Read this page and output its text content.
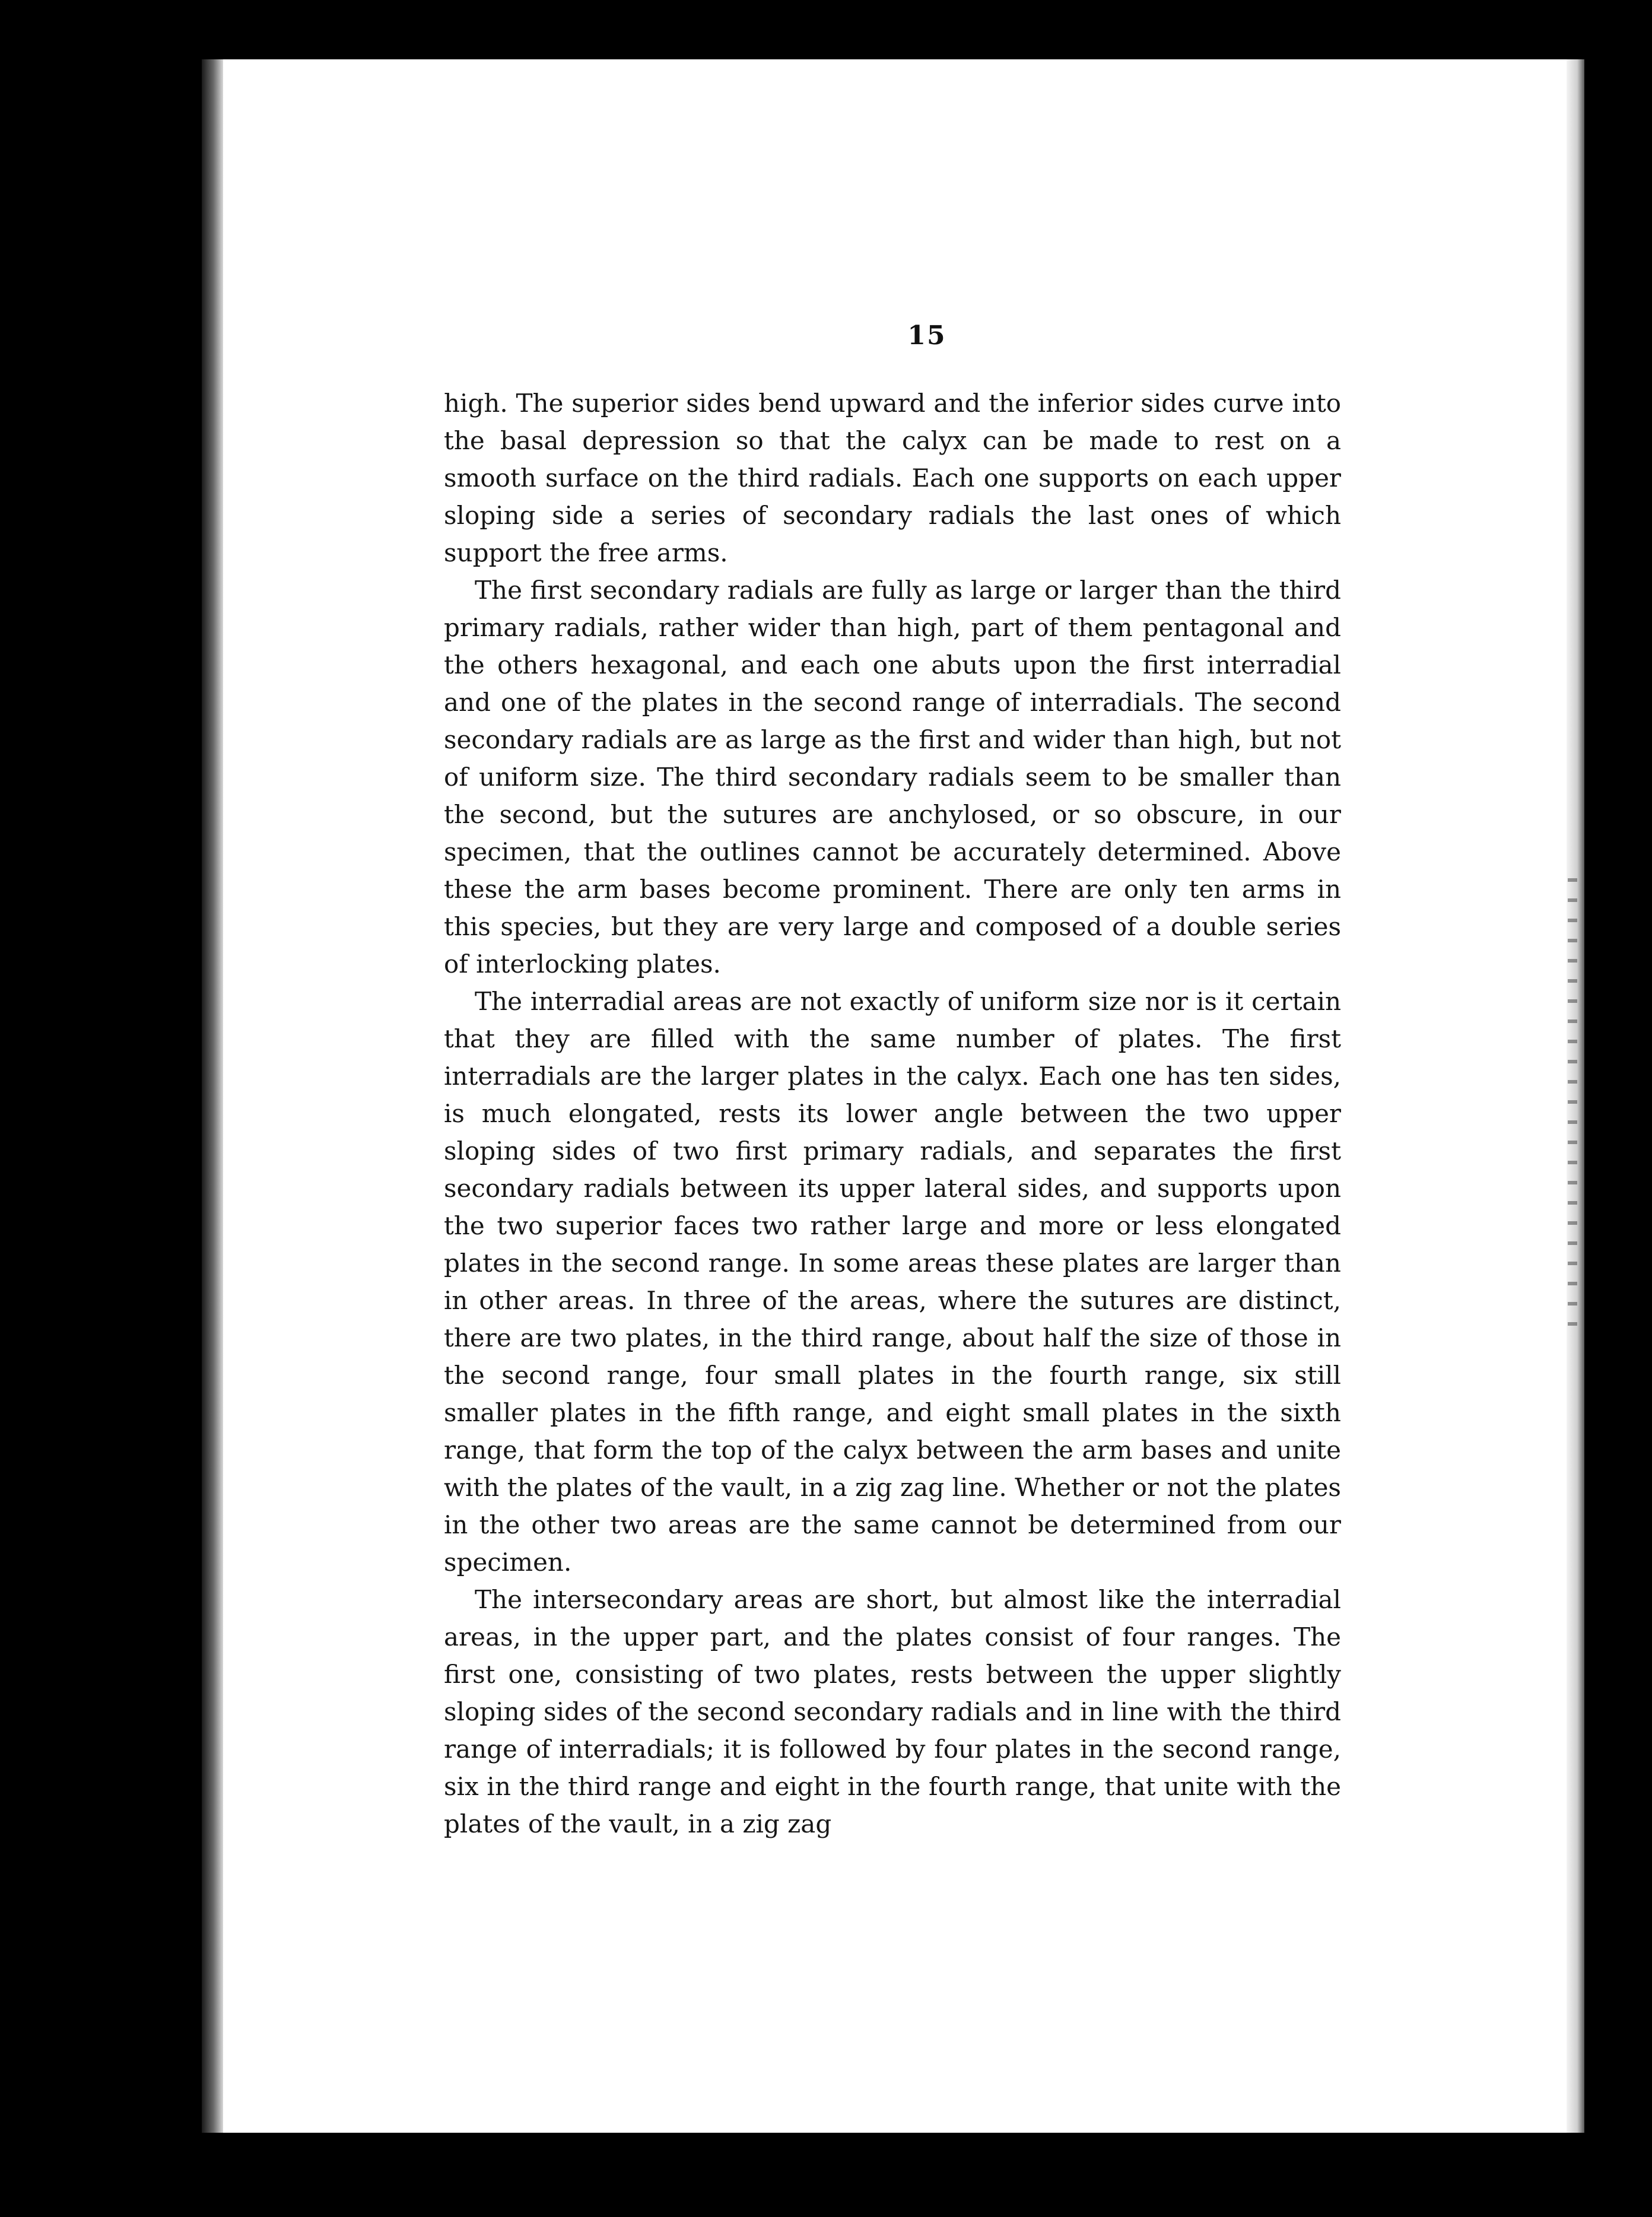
15

high. The superior sides bend upward and the inferior sides curve into the basal depression so that the calyx can be made to rest on a smooth surface on the third radials. Each one supports on each upper sloping side a series of secondary radials the last ones of which support the free arms.

The first secondary radials are fully as large or larger than the third primary radials, rather wider than high, part of them pentagonal and the others hexagonal, and each one abuts upon the first interradial and one of the plates in the second range of interradials. The second secondary radials are as large as the first and wider than high, but not of uniform size. The third secondary radials seem to be smaller than the second, but the sutures are anchylosed, or so obscure, in our specimen, that the outlines cannot be accurately determined. Above these the arm bases become prominent. There are only ten arms in this species, but they are very large and composed of a double series of interlocking plates.

The interradial areas are not exactly of uniform size nor is it certain that they are filled with the same number of plates. The first interradials are the larger plates in the calyx. Each one has ten sides, is much elongated, rests its lower angle between the two upper sloping sides of two first primary radials, and separates the first secondary radials between its upper lateral sides, and supports upon the two superior faces two rather large and more or less elongated plates in the second range. In some areas these plates are larger than in other areas. In three of the areas, where the sutures are distinct, there are two plates, in the third range, about half the size of those in the second range, four small plates in the fourth range, six still smaller plates in the fifth range, and eight small plates in the sixth range, that form the top of the calyx between the arm bases and unite with the plates of the vault, in a zig zag line. Whether or not the plates in the other two areas are the same cannot be determined from our specimen.

The intersecondary areas are short, but almost like the interradial areas, in the upper part, and the plates consist of four ranges. The first one, consisting of two plates, rests between the upper slightly sloping sides of the second secondary radials and in line with the third range of interradials; it is followed by four plates in the second range, six in the third range and eight in the fourth range, that unite with the plates of the vault, in a zig zag
